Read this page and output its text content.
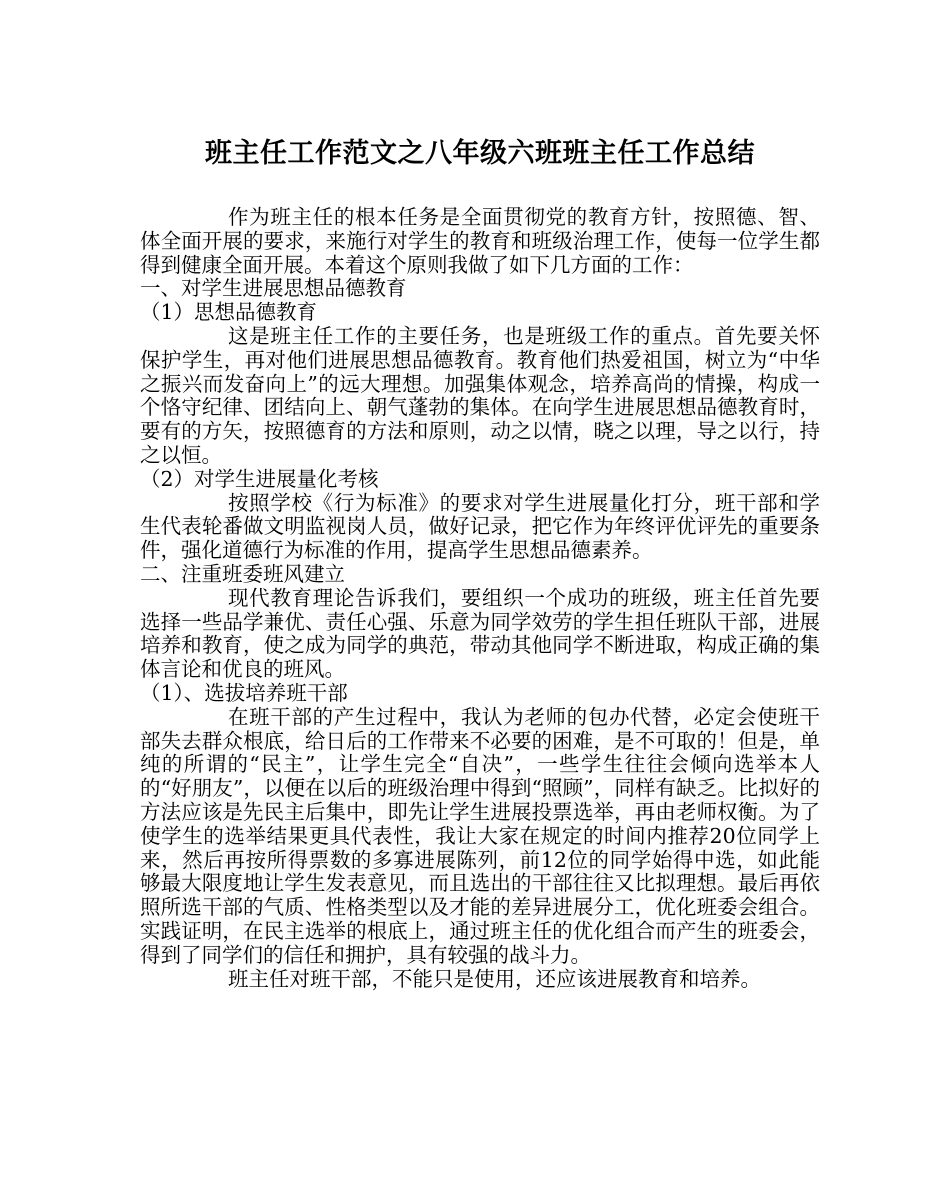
班主任工作范文之八年级六班班主任工作总结

作为班主任的根本任务是全面贯彻党的教育方针，按照德、智、体全面开展的要求，来施行对学生的教育和班级治理工作，使每一位学生都得到健康全面开展。本着这个原则我做了如下几方面的工作：

一、对学生进展思想品德教育

（1）思想品德教育

这是班主任工作的主要任务，也是班级工作的重点。首先要关怀保护学生，再对他们进展思想品德教育。教育他们热爱祖国，树立为“中华之振兴而发奋向上”的远大理想。加强集体观念，培养高尚的情操，构成一个恪守纪律、团结向上、朝气蓬勃的集体。在向学生进展思想品德教育时，要有的方矢，按照德育的方法和原则，动之以情，晓之以理，导之以行，持之以恒。

（2）对学生进展量化考核

按照学校《行为标准》的要求对学生进展量化打分，班干部和学生代表轮番做文明监视岗人员，做好记录，把它作为年终评优评先的重要条件，强化道德行为标准的作用，提高学生思想品德素养。

二、注重班委班风建立

现代教育理论告诉我们，要组织一个成功的班级，班主任首先要选择一些品学兼优、责任心强、乐意为同学效劳的学生担任班队干部，进展培养和教育，使之成为同学的典范，带动其他同学不断进取，构成正确的集体言论和优良的班风。

（1）、选拔培养班干部

在班干部的产生过程中，我认为老师的包办代替，必定会使班干部失去群众根底，给日后的工作带来不必要的困难，是不可取的！但是，单纯的所谓的“民主”，让学生完全“自决”，一些学生往往会倾向选举本人的“好朋友”，以便在以后的班级治理中得到“照顾”，同样有缺乏。比拟好的方法应该是先民主后集中，即先让学生进展投票选举，再由老师权衡。为了使学生的选举结果更具代表性，我让大家在规定的时间内推荐20位同学上来，然后再按所得票数的多寡进展陈列，前12位的同学始得中选，如此能够最大限度地让学生发表意见，而且选出的干部往往又比拟理想。最后再依照所选干部的气质、性格类型以及才能的差异进展分工，优化班委会组合。实践证明，在民主选举的根底上，通过班主任的优化组合而产生的班委会，得到了同学们的信任和拥护，具有较强的战斗力。

班主任对班干部，不能只是使用，还应该进展教育和培养。
